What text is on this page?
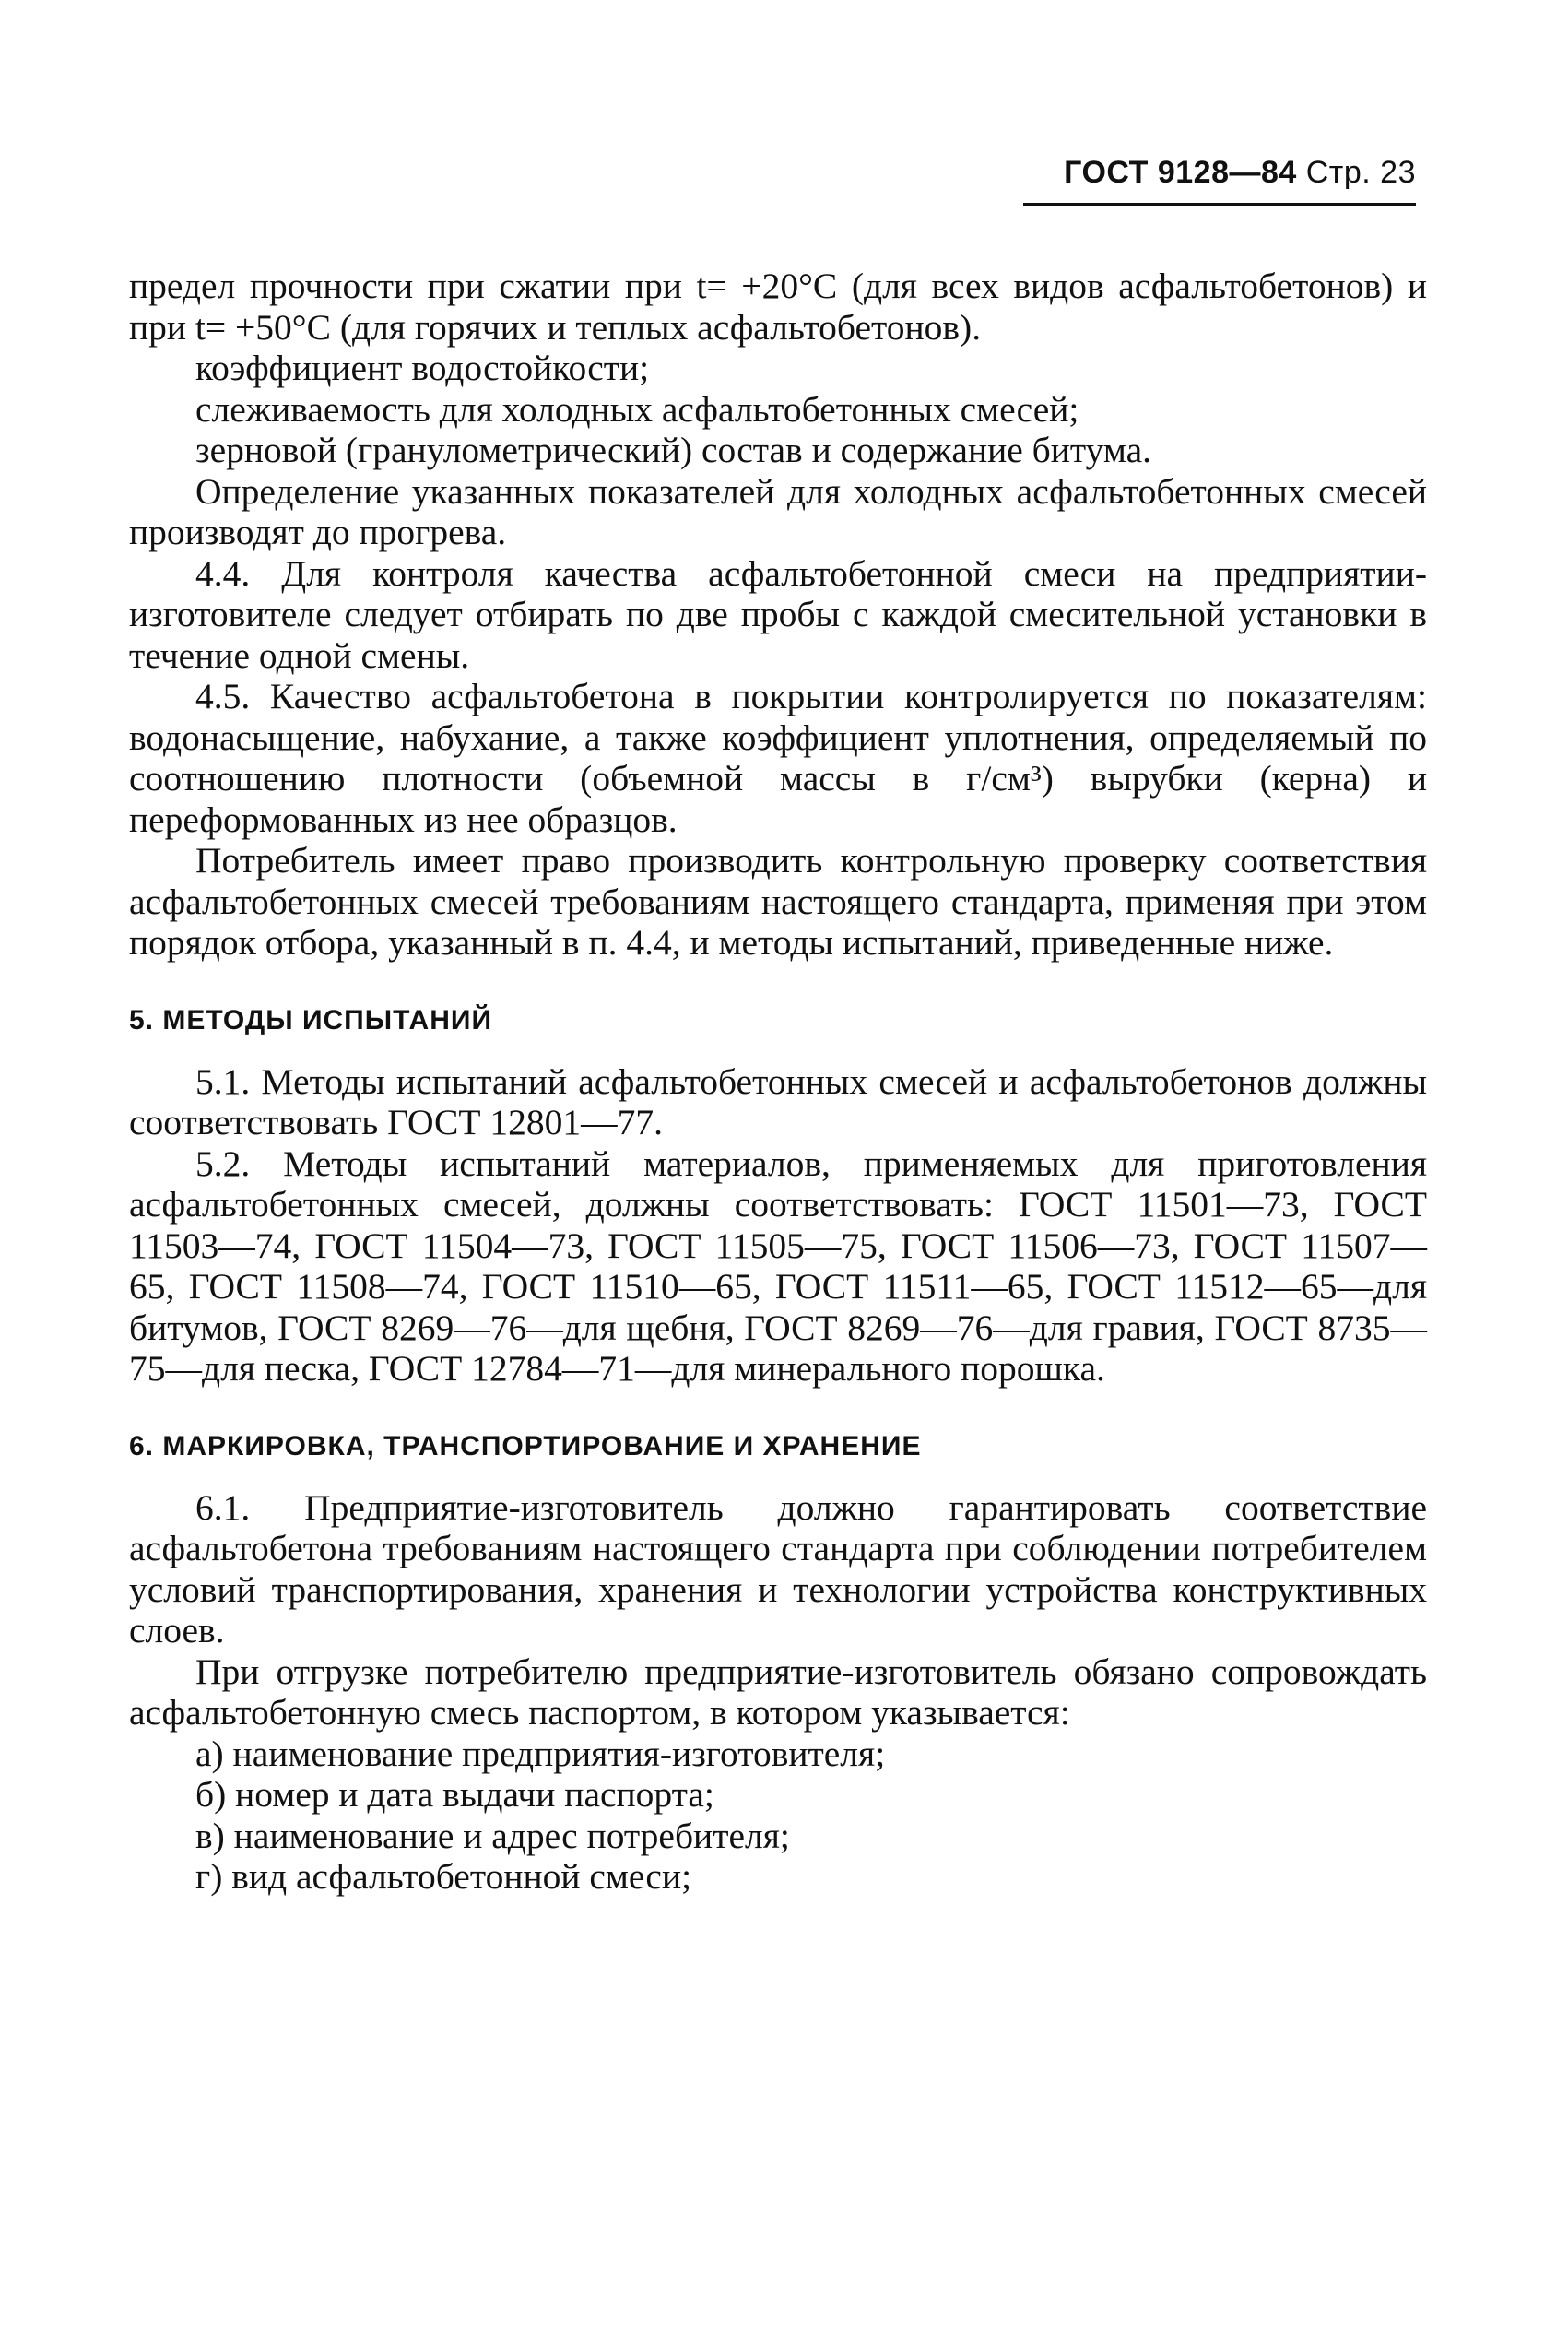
ГОСТ 9128—84 Стр. 23

предел прочности при сжатии при t= +20°С (для всех видов асфальтобетонов) и при t= +50°С (для горячих и теплых асфальтобетонов).

коэффициент водостойкости;

слеживаемость для холодных асфальтобетонных смесей;

зерновой (гранулометрический) состав и содержание битума.

Определение указанных показателей для холодных асфальтобетонных смесей производят до прогрева.

4.4. Для контроля качества асфальтобетонной смеси на предприятии-изготовителе следует отбирать по две пробы с каждой смесительной установки в течение одной смены.

4.5. Качество асфальтобетона в покрытии контролируется по показателям: водонасыщение, набухание, а также коэффициент уплотнения, определяемый по соотношению плотности (объемной массы в г/см³) вырубки (керна) и переформованных из нее образцов.

Потребитель имеет право производить контрольную проверку соответствия асфальтобетонных смесей требованиям настоящего стандарта, применяя при этом порядок отбора, указанный в п. 4.4, и методы испытаний, приведенные ниже.

5. МЕТОДЫ ИСПЫТАНИЙ

5.1. Методы испытаний асфальтобетонных смесей и асфальтобетонов должны соответствовать ГОСТ 12801—77.

5.2. Методы испытаний материалов, применяемых для приготовления асфальтобетонных смесей, должны соответствовать: ГОСТ 11501—73, ГОСТ 11503—74, ГОСТ 11504—73, ГОСТ 11505—75, ГОСТ 11506—73, ГОСТ 11507—65, ГОСТ 11508—74, ГОСТ 11510—65, ГОСТ 11511—65, ГОСТ 11512—65—для битумов, ГОСТ 8269—76—для щебня, ГОСТ 8269—76—для гравия, ГОСТ 8735—75—для песка, ГОСТ 12784—71—для минерального порошка.

6. МАРКИРОВКА, ТРАНСПОРТИРОВАНИЕ И ХРАНЕНИЕ

6.1. Предприятие-изготовитель должно гарантировать соответствие асфальтобетона требованиям настоящего стандарта при соблюдении потребителем условий транспортирования, хранения и технологии устройства конструктивных слоев.

При отгрузке потребителю предприятие-изготовитель обязано сопровождать асфальтобетонную смесь паспортом, в котором указывается:

а) наименование предприятия-изготовителя;

б) номер и дата выдачи паспорта;

в) наименование и адрес потребителя;

г) вид асфальтобетонной смеси;
